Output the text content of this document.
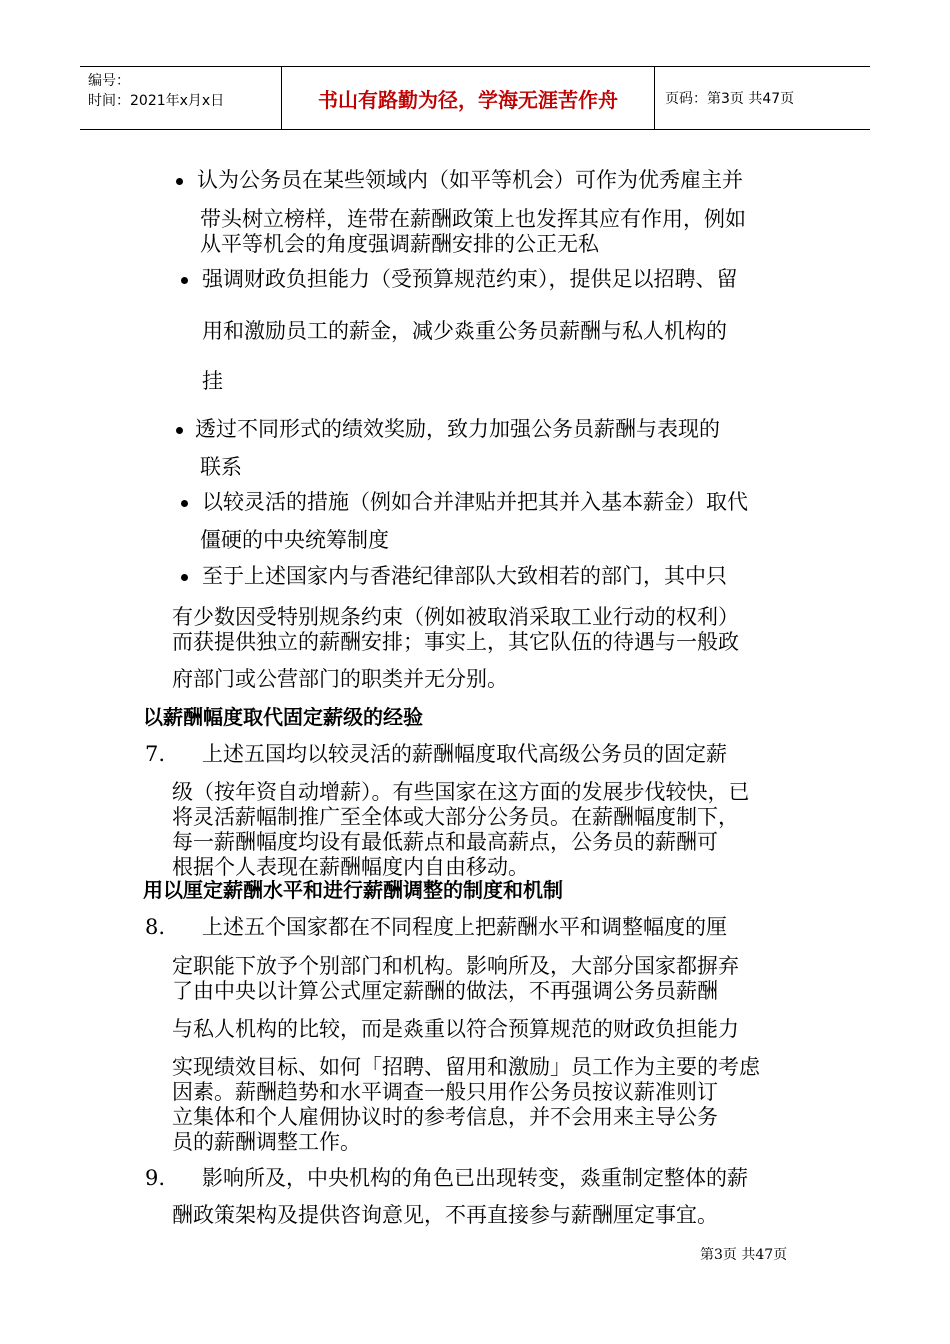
编号：
时间：2021年x月x日	书山有路勤为径，学海无涯苦作舟	页码：第3页 共47页
认为公务员在某些领域内（如平等机会）可作为优秀雇主并
带头树立榜样，连带在薪酬政策上也发挥其应有作用，例如
从平等机会的角度强调薪酬安排的公正无私
强调财政负担能力（受预算规范约束），提供足以招聘、留
用和激励员工的薪金，减少𣶷重公务员薪酬与私人机构的
挂
透过不同形式的绩效奖励，致力加强公务员薪酬与表现的
联系
以较灵活的措施（例如合并津贴并把其并入基本薪金）取代
僵硬的中央统筹制度
至于上述国家内与香港纪律部队大致相若的部门，其中只
有少数因受特别规条约束（例如被取消采取工业行动的权利）
而获提供独立的薪酬安排；事实上，其它队伍的待遇与一般政
府部门或公营部门的职类并无分别。
以薪酬幅度取代固定薪级的经验
7. 上述五国均以较灵活的薪酬幅度取代高级公务员的固定薪
级（按年资自动增薪）。有些国家在这方面的发展步伐较快，已
将灵活薪幅制推广至全体或大部分公务员。在薪酬幅度制下，
每一薪酬幅度均设有最低薪点和最高薪点，公务员的薪酬可
根据个人表现在薪酬幅度内自由移动。
用以厘定薪酬水平和进行薪酬调整的制度和机制
8. 上述五个国家都在不同程度上把薪酬水平和调整幅度的厘
定职能下放予个别部门和机构。影响所及，大部分国家都摒弃
了由中央以计算公式厘定薪酬的做法，不再强调公务员薪酬
与私人机构的比较，而是𣶷重以符合预算规范的财政负担能力
实现绩效目标、如何「招聘、留用和激励」员工作为主要的考虑
因素。薪酬趋势和水平调查一般只用作公务员按议薪准则订
立集体和个人雇佣协议时的参考信息，并不会用来主导公务
员的薪酬调整工作。
9. 影响所及，中央机构的角色已出现转变，𣶷重制定整体的薪
酬政策架构及提供咨询意见，不再直接参与薪酬厘定事宜。
第3页 共47页
